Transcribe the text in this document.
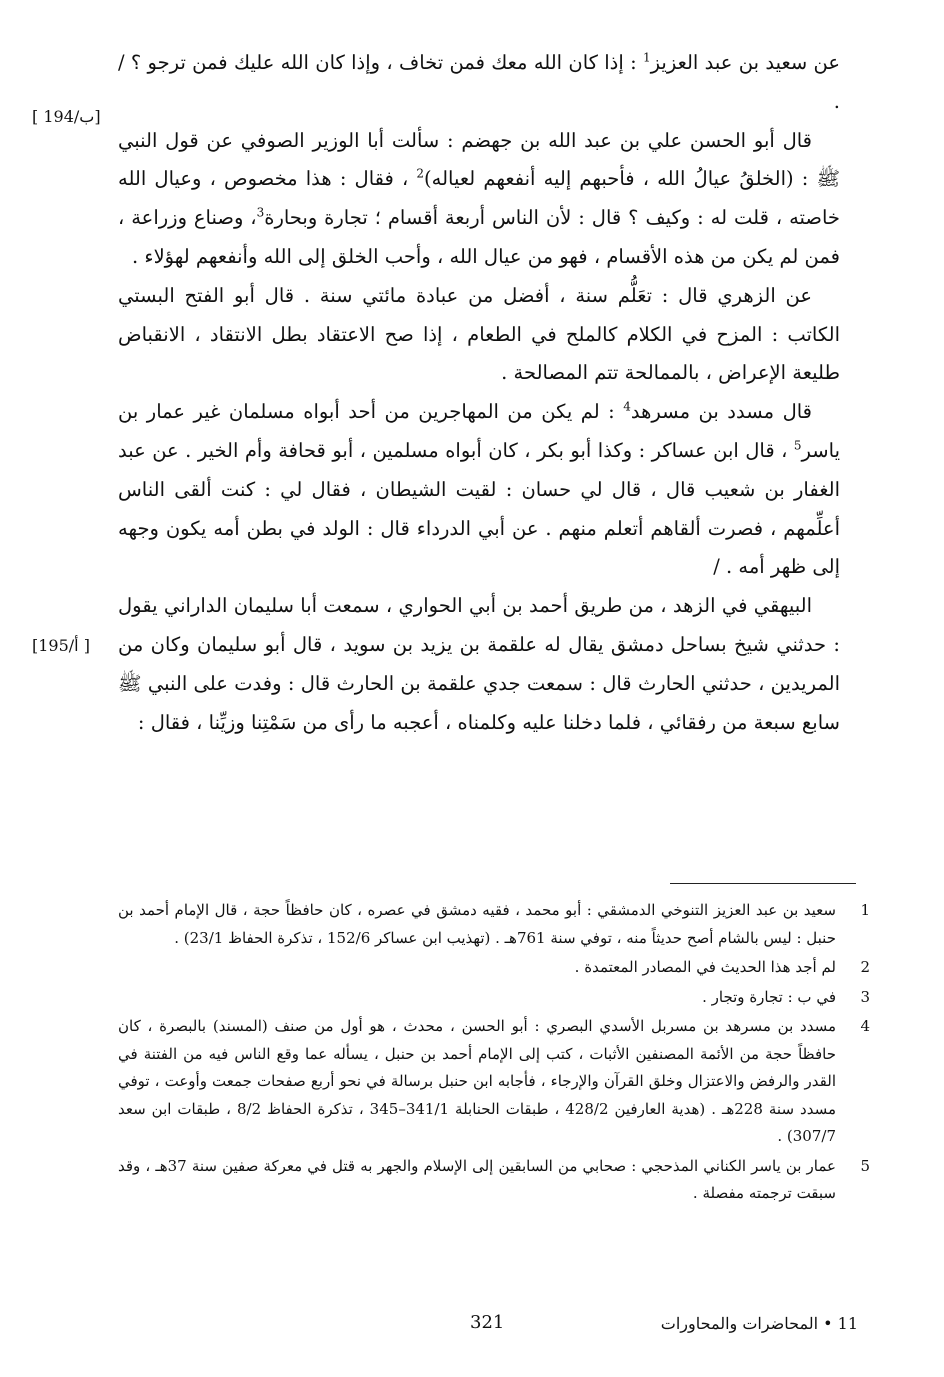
[ 194/ب]
[195/أ ]

عن سعيد بن عبد العزيز$^1$ : إذا كان الله معك فمن تخاف ، وإذا كان الله عليك فمن ترجو ؟ / .

قال أبو الحسن علي بن عبد الله بن جهضم : سألت أبا الوزير الصوفي عن قول النبي ﷺ : (الخلقُ عيالُ الله ، فأحبهم إليه أنفعهم لعياله)$^2$ ، فقال : هذا مخصوص ، وعيال الله خاصته ، قلت له : وكيف ؟ قال : لأن الناس أربعة أقسام ؛ تجارة وبحارة$^3$، وصناع وزراعة ، فمن لم يكن من هذه الأقسام ، فهو من عيال الله ، وأحب الخلق إلى الله وأنفعهم لهؤلاء .

عن الزهري قال : تعَلُّم سنة ، أفضل من عبادة مائتي سنة . قال أبو الفتح البستي الكاتب : المزح في الكلام كالملح في الطعام ، إذا صح الاعتقاد بطل الانتقاد ، الانقباض طليعة الإعراض ، بالممالحة تتم المصالحة .

قال مسدد بن مسرهد$^4$ : لم يكن من المهاجرين من أحد أبواه مسلمان غير عمار بن ياسر$^5$ ، قال ابن عساكر : وكذا أبو بكر ، كان أبواه مسلمين ، أبو قحافة وأم الخير . عن عبد الغفار بن شعيب قال ، قال لي حسان : لقيت الشيطان ، فقال لي : كنت ألقى الناس أعلِّمهم ، فصرت ألقاهم أتعلم منهم . عن أبي الدرداء قال : الولد في بطن أمه يكون وجهه إلى ظهر أمه . /

البيهقي في الزهد ، من طريق أحمد بن أبي الحواري ، سمعت أبا سليمان الداراني يقول : حدثني شيخ بساحل دمشق يقال له علقمة بن يزيد بن سويد ، قال أبو سليمان وكان من المريدين ، حدثني الحارث قال : سمعت جدي علقمة بن الحارث قال : وفدت على النبي ﷺ سابع سبعة من رفقائي ، فلما دخلنا عليه وكلمناه ، أعجبه ما رأى من سَمْتِنا وزيِّنا ، فقال :

1
سعيد بن عبد العزيز التنوخي الدمشقي : أبو محمد ، فقيه دمشق في عصره ، كان حافظاً حجة ، قال الإمام أحمد بن حنبل : ليس بالشام أصح حديثاً منه ، توفي سنة 761هـ . (تهذيب ابن عساكر 152/6 ، تذكرة الحفاظ 23/1) .
2
لم أجد هذا الحديث في المصادر المعتمدة .
3
في ب : تجارة وتجار .
4
مسدد بن مسرهد بن مسربل الأسدي البصري : أبو الحسن ، محدث ، هو أول من صنف (المسند) بالبصرة ، كان حافظاً حجة من الأئمة المصنفين الأثبات ، كتب إلى الإمام أحمد بن حنبل ، يسأله عما وقع الناس فيه من الفتنة في القدر والرفض والاعتزال وخلق القرآن والإرجاء ، فأجابه ابن حنبل برسالة في نحو أربع صفحات جمعت وأوعت ، توفي مسدد سنة 228هـ . (هدية العارفين 428/2 ، طبقات الحنابلة 341/1–345 ، تذكرة الحفاظ 8/2 ، طبقات ابن سعد 307/7) .
5
عمار بن ياسر الكناني المذحجي : صحابي من السابقين إلى الإسلام والجهر به قتل في معركة صفين سنة 37هـ ، وقد سبقت ترجمته مفصلة .
321	11 • المحاضرات والمحاورات
